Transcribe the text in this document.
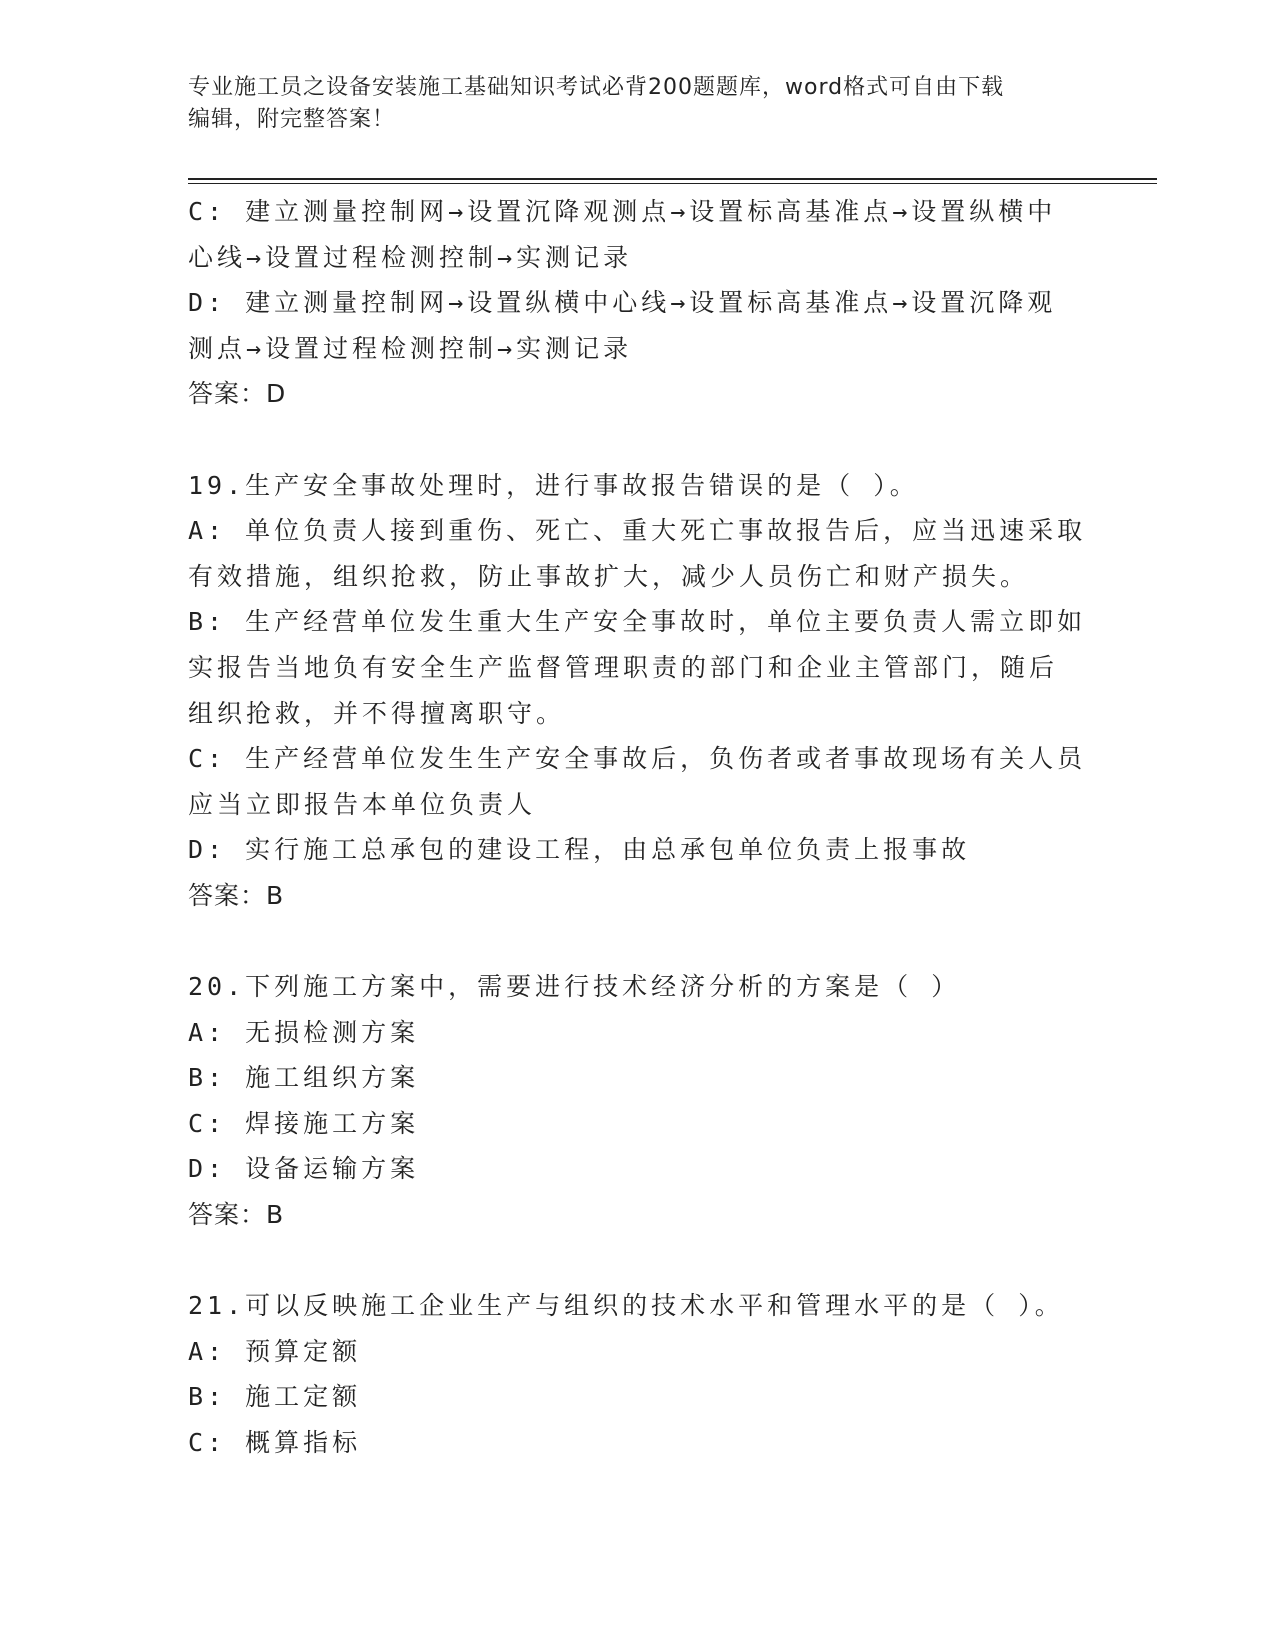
专业施工员之设备安装施工基础知识考试必背200题题库，word格式可自由下载
编辑，附完整答案！
C: 建立测量控制网→设置沉降观测点→设置标高基准点→设置纵横中
心线→设置过程检测控制→实测记录
D: 建立测量控制网→设置纵横中心线→设置标高基准点→设置沉降观
测点→设置过程检测控制→实测记录
答案：D
19.生产安全事故处理时，进行事故报告错误的是（ ）。
A: 单位负责人接到重伤、死亡、重大死亡事故报告后，应当迅速采取
有效措施，组织抢救，防止事故扩大，减少人员伤亡和财产损失。
B: 生产经营单位发生重大生产安全事故时，单位主要负责人需立即如
实报告当地负有安全生产监督管理职责的部门和企业主管部门，随后
组织抢救，并不得擅离职守。
C: 生产经营单位发生生产安全事故后，负伤者或者事故现场有关人员
应当立即报告本单位负责人
D: 实行施工总承包的建设工程，由总承包单位负责上报事故
答案：B
20.下列施工方案中，需要进行技术经济分析的方案是（ ）
A: 无损检测方案
B: 施工组织方案
C: 焊接施工方案
D: 设备运输方案
答案：B
21.可以反映施工企业生产与组织的技术水平和管理水平的是（ ）。
A: 预算定额
B: 施工定额
C: 概算指标
